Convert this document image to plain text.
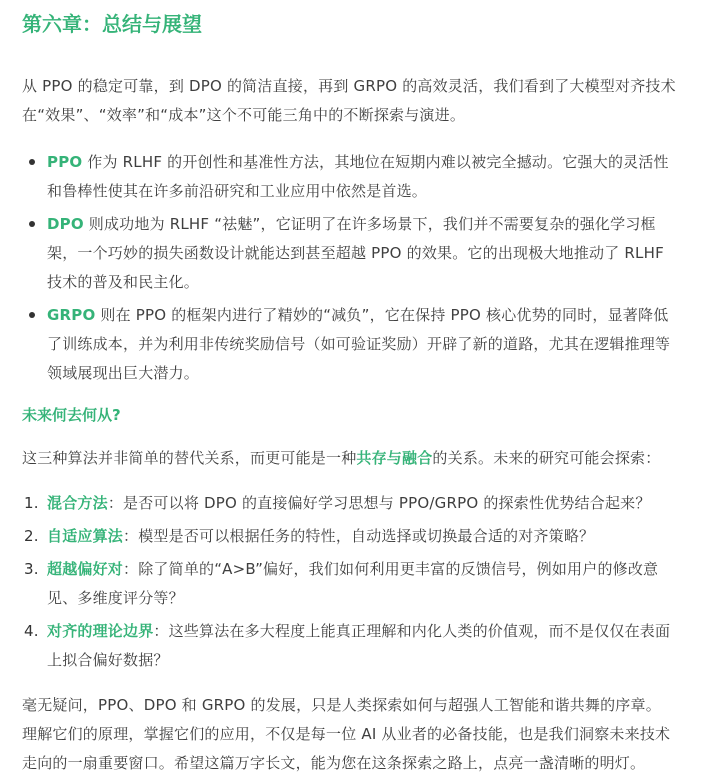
第六章：总结与展望

从 PPO 的稳定可靠，到 DPO 的简洁直接，再到 GRPO 的高效灵活，我们看到了大模型对齐技术在“效果”、“效率”和“成本”这个不可能三角中的不断探索与演进。

PPO 作为 RLHF 的开创性和基准性方法，其地位在短期内难以被完全撼动。它强大的灵活性和鲁棒性使其在许多前沿研究和工业应用中依然是首选。
DPO 则成功地为 RLHF “祛魅”，它证明了在许多场景下，我们并不需要复杂的强化学习框架，一个巧妙的损失函数设计就能达到甚至超越 PPO 的效果。它的出现极大地推动了 RLHF 技术的普及和民主化。
GRPO 则在 PPO 的框架内进行了精妙的“减负”，它在保持 PPO 核心优势的同时，显著降低了训练成本，并为利用非传统奖励信号（如可验证奖励）开辟了新的道路，尤其在逻辑推理等领域展现出巨大潜力。
未来何去何从?

这三种算法并非简单的替代关系，而更可能是一种共存与融合的关系。未来的研究可能会探索：

1. 混合方法：是否可以将 DPO 的直接偏好学习思想与 PPO/GRPO 的探索性优势结合起来？
2. 自适应算法：模型是否可以根据任务的特性，自动选择或切换最合适的对齐策略？
3. 超越偏好对：除了简单的“A>B”偏好，我们如何利用更丰富的反馈信号，例如用户的修改意见、多维度评分等？
4. 对齐的理论边界：这些算法在多大程度上能真正理解和内化人类的价值观，而不是仅仅在表面上拟合偏好数据？

毫无疑问，PPO、DPO 和 GRPO 的发展，只是人类探索如何与超强人工智能和谐共舞的序章。理解它们的原理，掌握它们的应用，不仅是每一位 AI 从业者的必备技能，也是我们洞察未来技术走向的一扇重要窗口。希望这篇万字长文，能为您在这条探索之路上，点亮一盏清晰的明灯。
